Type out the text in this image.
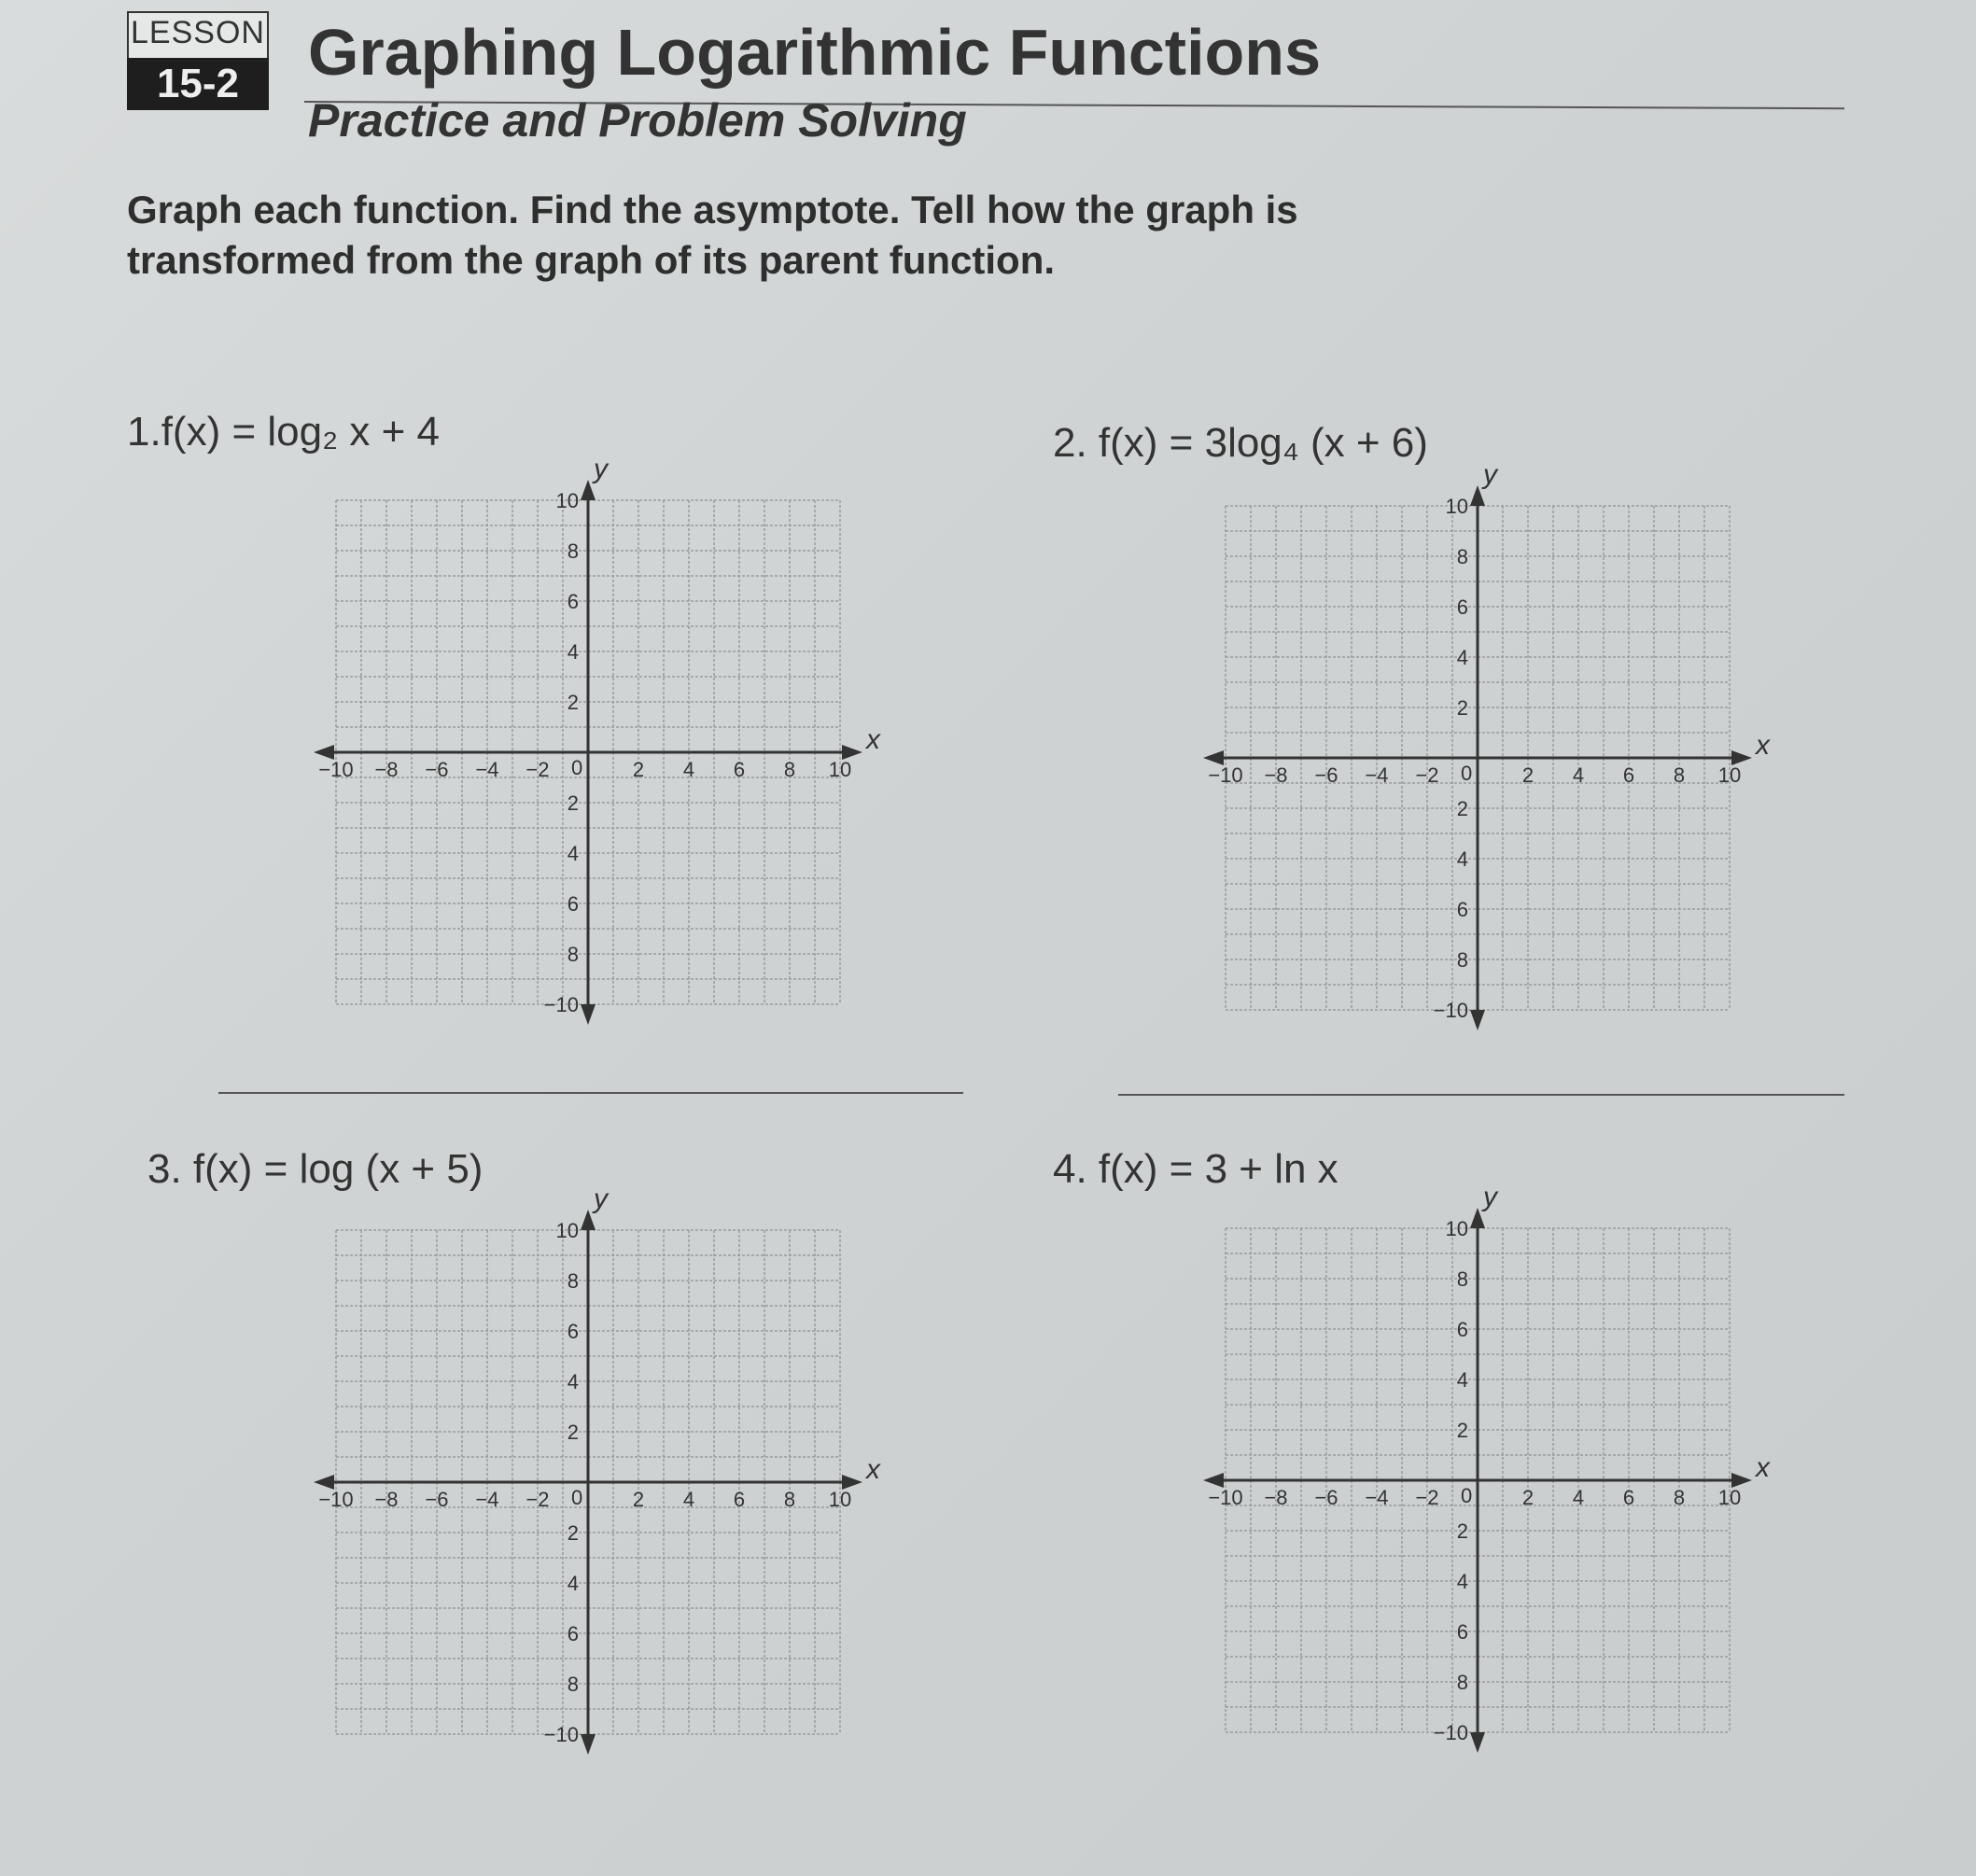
LESSON
15-2	Graphing Logarithmic Functions
Practice and Problem Solving
Graph each function. Find the asymptote. Tell how the graph is transformed from the graph of its parent function.
1.f(x) = log₂ x + 4	2. f(x) = 3log₄ (x + 6)
3. f(x) = log (x + 5)	4. f(x) = 3 + ln x
x
y
0
−10 −8 −6 −4 −2	2 4 6 8 10
10
8
6
4
2
2
4
6
8
−10
x
y
0
−10 −8 −6 −4 −2	2 4 6 8 10
10
8
6
4
2
2
4
6
8
−10
x
y
0
−10 −8 −6 −4 −2	2 4 6 8 10
10
8
6
4
2
2
4
6
8
−10
x
y
0
−10 −8 −6 −4 −2	2 4 6 8 10
10
8
6
4
2
2
4
6
8
−10
